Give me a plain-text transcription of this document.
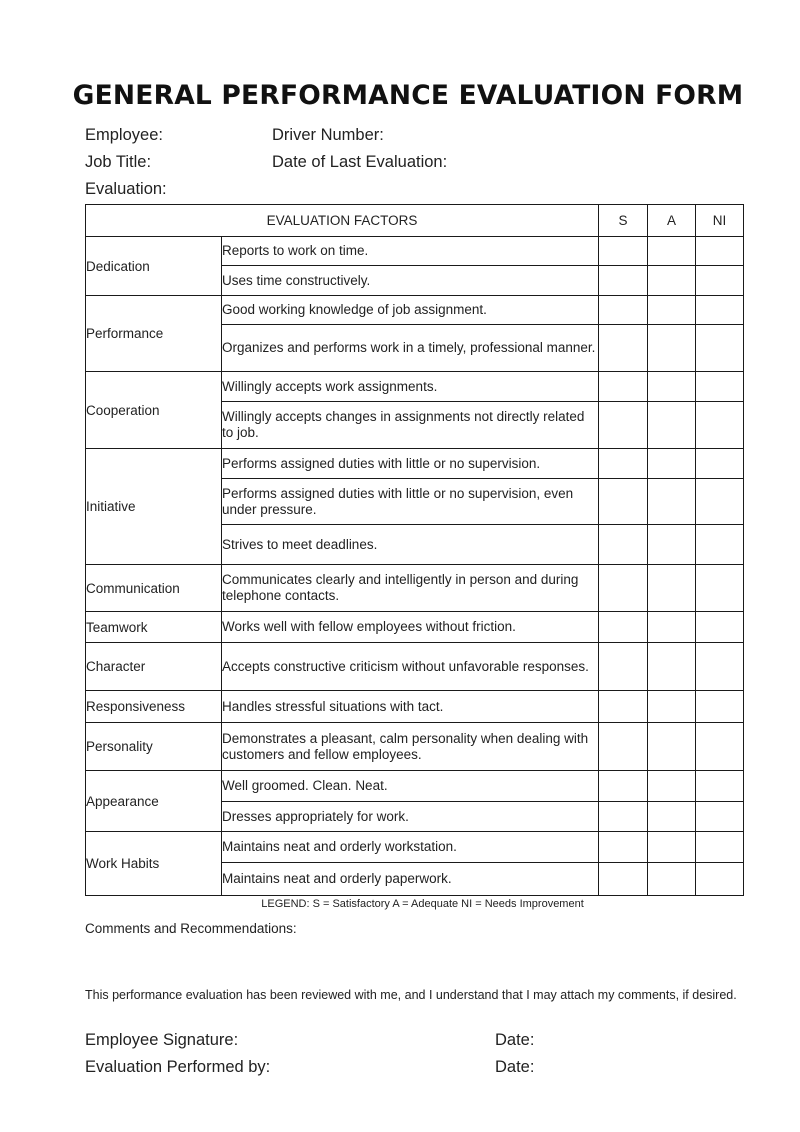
GENERAL PERFORMANCE EVALUATION FORM
Employee:	Driver Number:
Job Title:	Date of Last Evaluation:
Evaluation:
EVALUATION FACTORS		S	A	NI
Dedication	Reports to work on time.			
	Uses time constructively.			
Performance	Good working knowledge of job assignment.			
	Organizes and performs work in a timely, professional manner.			
Cooperation	Willingly accepts work assignments.			
	Willingly accepts changes in assignments not directly related to job.			
Initiative	Performs assigned duties with little or no supervision.			
	Performs assigned duties with little or no supervision, even under pressure.			
	Strives to meet deadlines.			
Communication	Communicates clearly and intelligently in person and during telephone contacts.			
Teamwork	Works well with fellow employees without friction.			
Character	Accepts constructive criticism without unfavorable responses.			
Responsiveness	Handles stressful situations with tact.			
Personality	Demonstrates a pleasant, calm personality when dealing with customers and fellow employees.			
Appearance	Well groomed. Clean. Neat.			
	Dresses appropriately for work.			
Work Habits	Maintains neat and orderly workstation.			
	Maintains neat and orderly paperwork.			
LEGEND: S = Satisfactory A = Adequate NI = Needs Improvement
Comments and Recommendations:
This performance evaluation has been reviewed with me, and I understand that I may attach my comments, if desired.
Employee Signature:	Date:
Evaluation Performed by:	Date:
